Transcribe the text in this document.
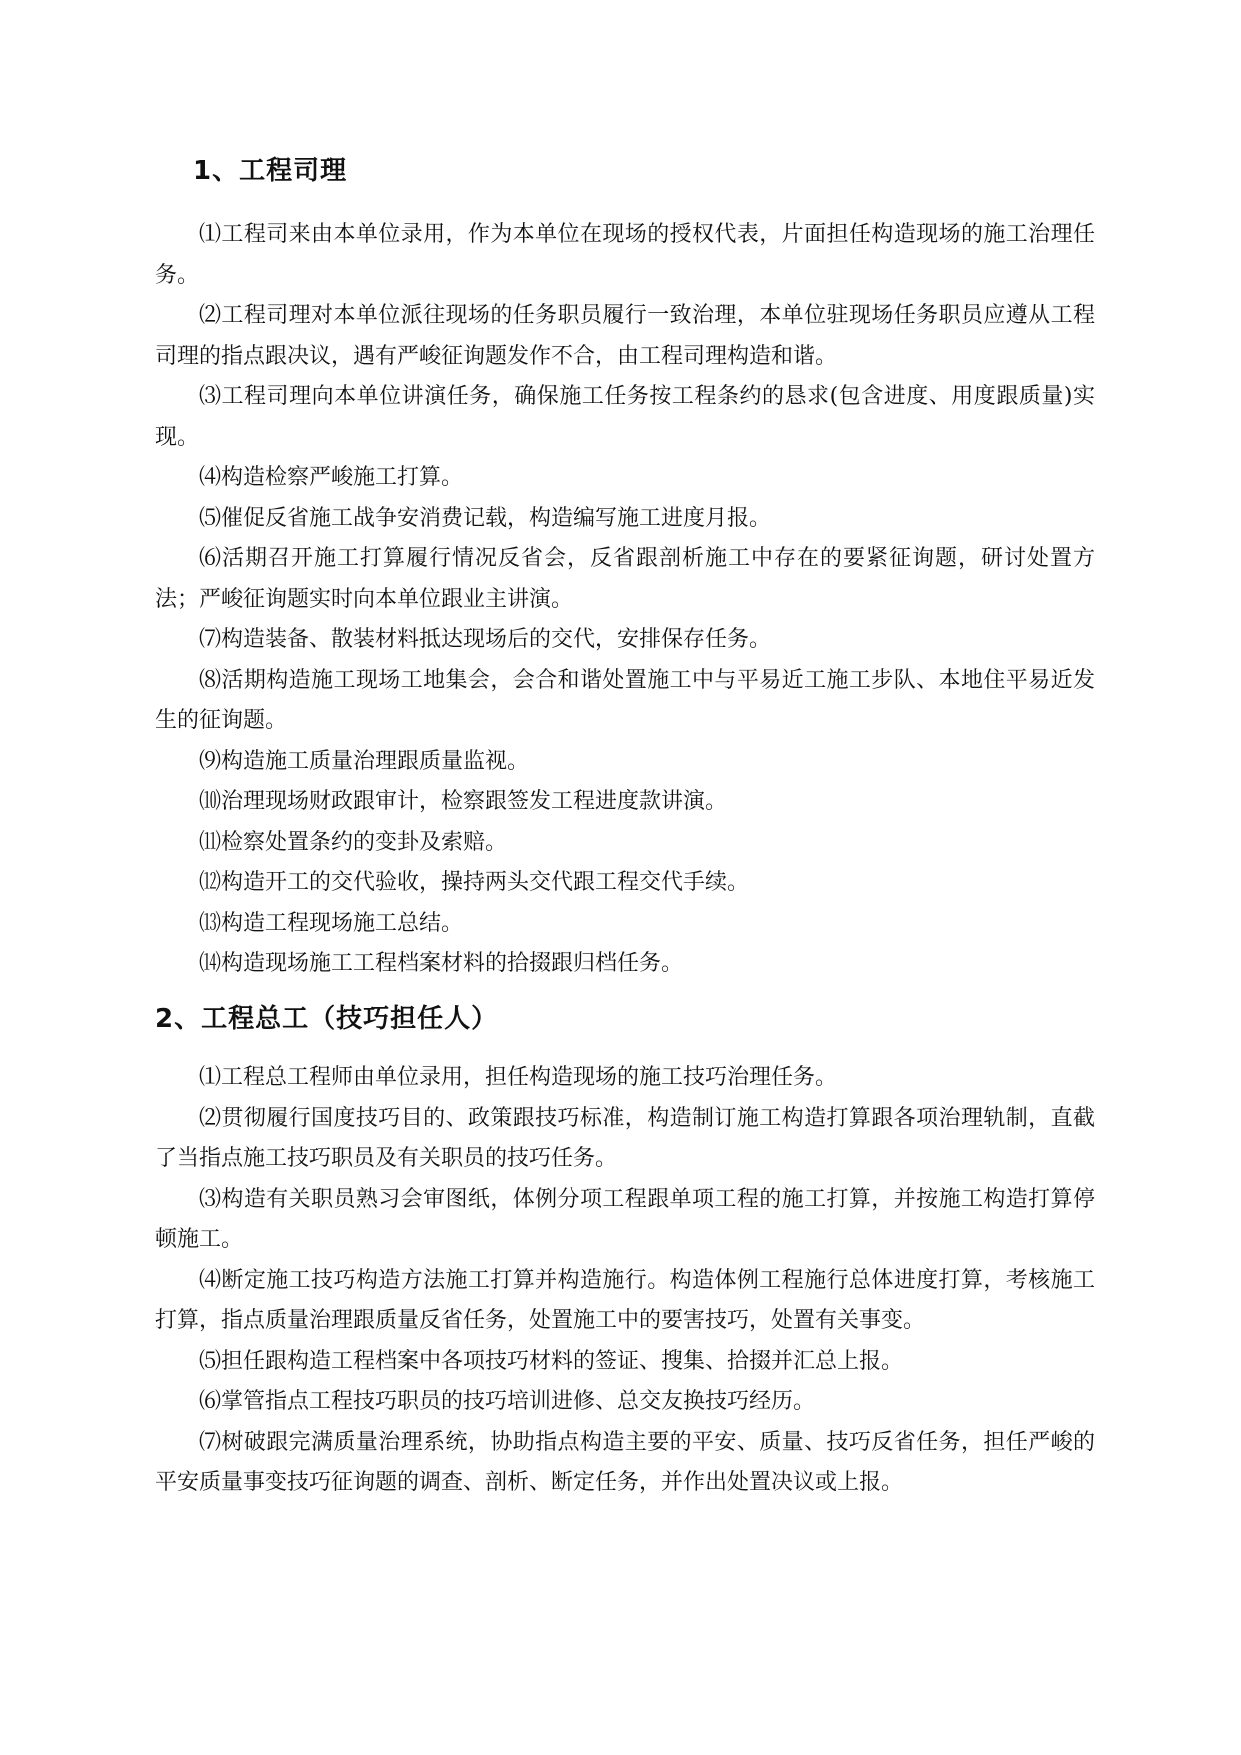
1、工程司理

⑴工程司来由本单位录用，作为本单位在现场的授权代表，片面担任构造现场的施工治理任务。

⑵工程司理对本单位派往现场的任务职员履行一致治理，本单位驻现场任务职员应遵从工程司理的指点跟决议，遇有严峻征询题发作不合，由工程司理构造和谐。

⑶工程司理向本单位讲演任务，确保施工任务按工程条约的恳求(包含进度、用度跟质量)实现。

⑷构造检察严峻施工打算。

⑸催促反省施工战争安消费记载，构造编写施工进度月报。

⑹活期召开施工打算履行情况反省会，反省跟剖析施工中存在的要紧征询题，研讨处置方法；严峻征询题实时向本单位跟业主讲演。

⑺构造装备、散装材料抵达现场后的交代，安排保存任务。

⑻活期构造施工现场工地集会，会合和谐处置施工中与平易近工施工步队、本地住平易近发生的征询题。

⑼构造施工质量治理跟质量监视。

⑽治理现场财政跟审计，检察跟签发工程进度款讲演。

⑾检察处置条约的变卦及索赔。

⑿构造开工的交代验收，操持两头交代跟工程交代手续。

⒀构造工程现场施工总结。

⒁构造现场施工工程档案材料的拾掇跟归档任务。

2、工程总工（技巧担任人）

⑴工程总工程师由单位录用，担任构造现场的施工技巧治理任务。

⑵贯彻履行国度技巧目的、政策跟技巧标准，构造制订施工构造打算跟各项治理轨制，直截了当指点施工技巧职员及有关职员的技巧任务。

⑶构造有关职员熟习会审图纸，体例分项工程跟单项工程的施工打算，并按施工构造打算停顿施工。

⑷断定施工技巧构造方法施工打算并构造施行。构造体例工程施行总体进度打算，考核施工打算，指点质量治理跟质量反省任务，处置施工中的要害技巧，处置有关事变。

⑸担任跟构造工程档案中各项技巧材料的签证、搜集、拾掇并汇总上报。

⑹掌管指点工程技巧职员的技巧培训进修、总交友换技巧经历。

⑺树破跟完满质量治理系统，协助指点构造主要的平安、质量、技巧反省任务，担任严峻的平安质量事变技巧征询题的调查、剖析、断定任务，并作出处置决议或上报。
